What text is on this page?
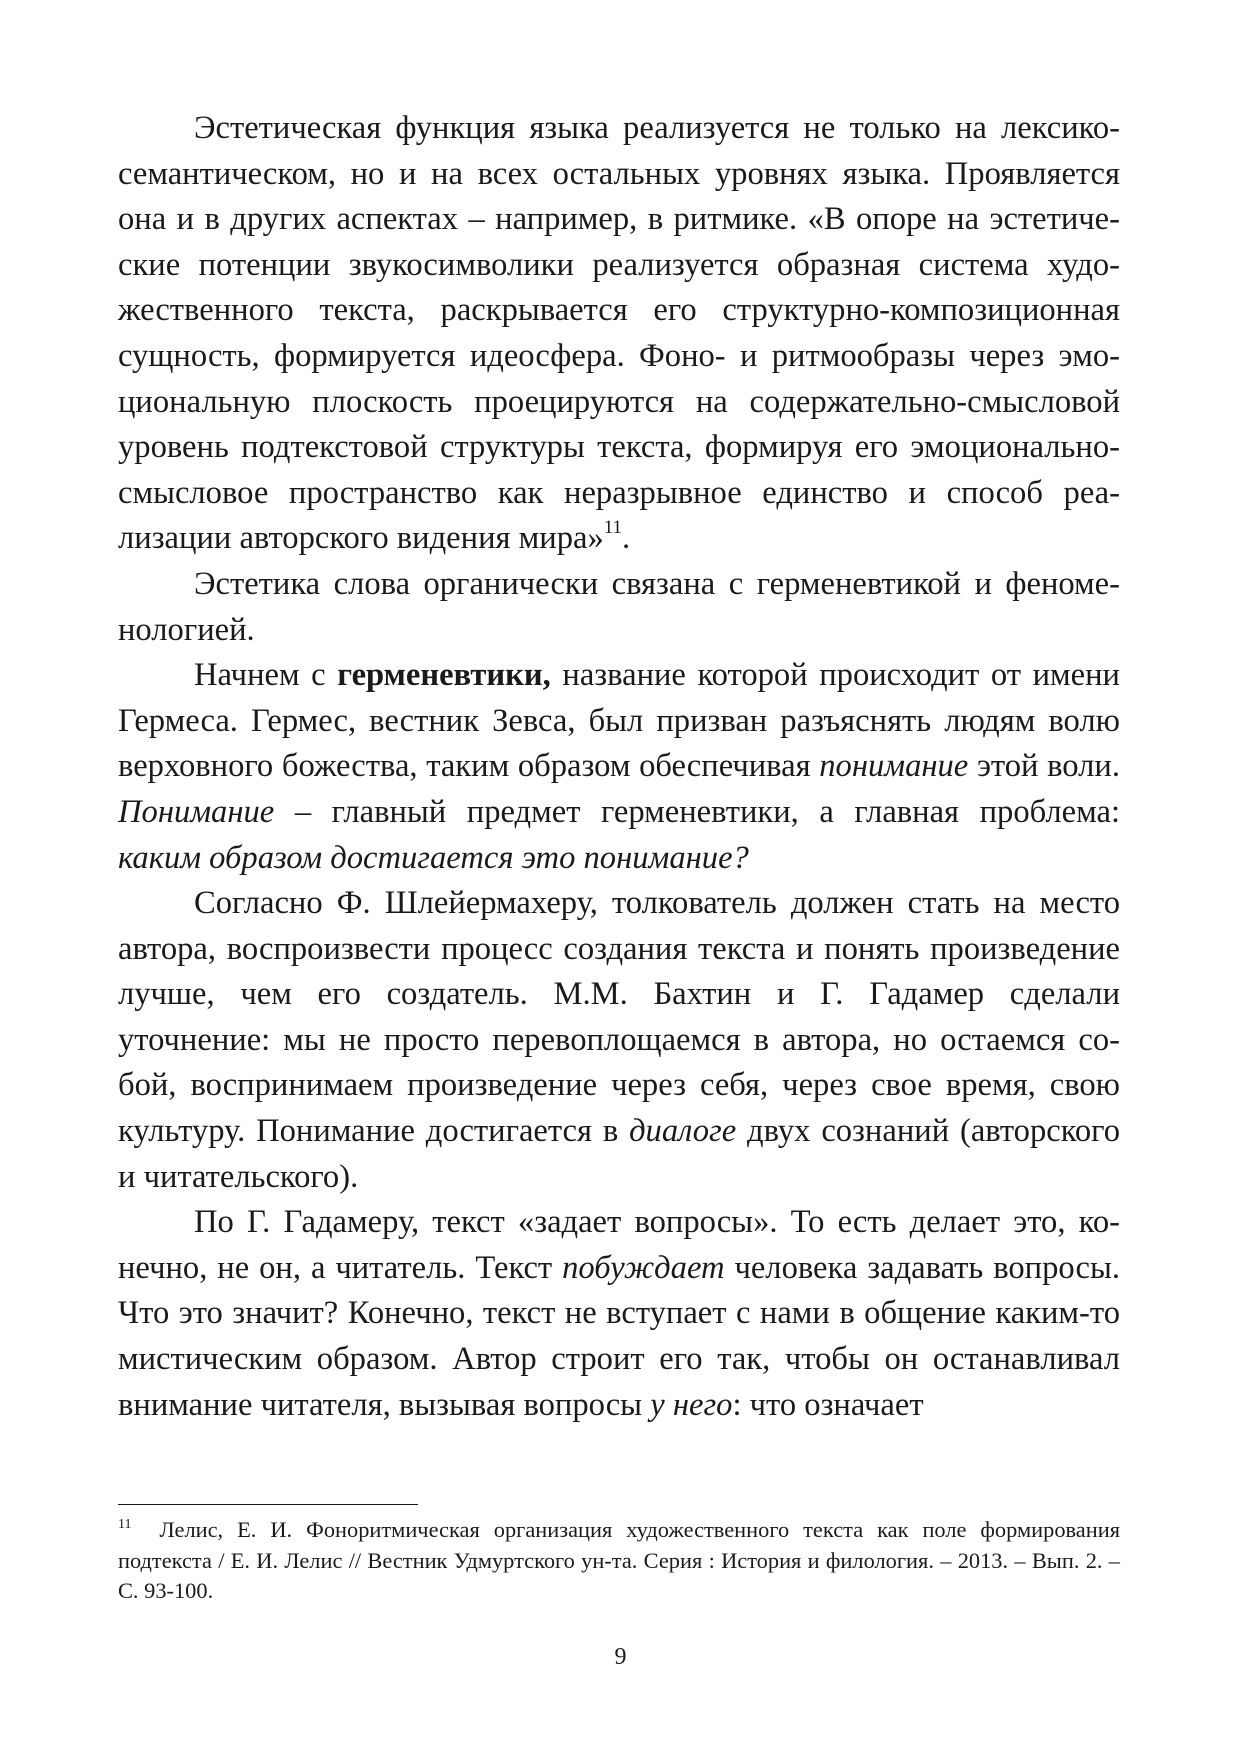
Эстетическая функция языка реализуется не только на лексико-семантическом, но и на всех остальных уровнях языка. Проявляется она и в других аспектах – например, в ритмике. «В опоре на эстетические потенции звукосимволики реализуется образная система художественного текста, раскрывается его структурно-композиционная сущность, формируется идеосфера. Фоно- и ритмообразы через эмоциональную плоскость проецируются на содержательно-смысловой уровень подтекстовой структуры текста, формируя его эмоционально-смысловое пространство как неразрывное единство и способ реализации авторского видения мира»$^{11}$.

Эстетика слова органически связана с герменевтикой и феноменологией.

Начнем с герменевтики, название которой происходит от имени Гермеса. Гермес, вестник Зевса, был призван разъяснять людям волю верховного божества, таким образом обеспечивая понимание этой воли. Понимание – главный предмет герменевтики, а главная проблема: каким образом достигается это понимание?

Согласно Ф. Шлейермахеру, толкователь должен стать на место автора, воспроизвести процесс создания текста и понять произведение лучше, чем его создатель. М.М. Бахтин и Г. Гадамер сделали уточнение: мы не просто перевоплощаемся в автора, но остаемся собой, воспринимаем произведение через себя, через свое время, свою культуру. Понимание достигается в диалоге двух сознаний (авторского и читательского).

По Г. Гадамеру, текст «задает вопросы». То есть делает это, конечно, не он, а читатель. Текст побуждает человека задавать вопросы. Что это значит? Конечно, текст не вступает с нами в общение каким-то мистическим образом. Автор строит его так, чтобы он останавливал внимание читателя, вызывая вопросы у него: что означает

$^{11}$ Лелис, Е. И. Фоноритмическая организация художественного текста как поле формирования подтекста / Е. И. Лелис // Вестник Удмуртского ун-та. Серия : История и филология. – 2013. – Вып. 2. – С. 93-100.

9
